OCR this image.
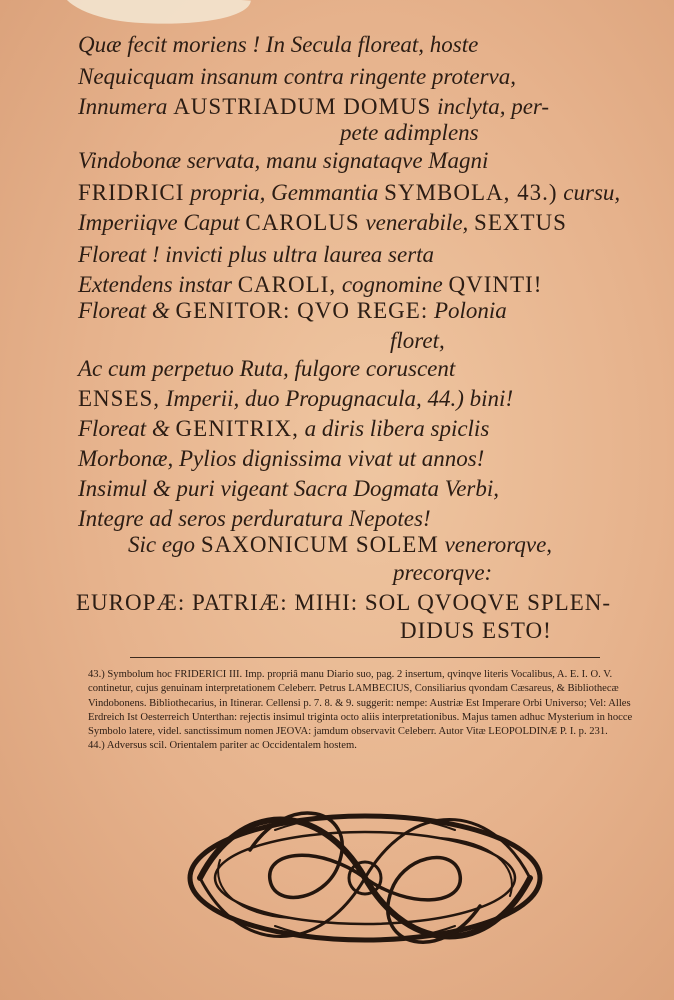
Quæ fecit moriens ! In Secula floreat, hoste
Nequicquam insanum contra ringente proterva,
Innumera AUSTRIADUM DOMUS inclyta, per-
pete adimplens
Vindobonæ servata, manu signataqve Magni
FRIDRICI propria, Gemmantia SYMBOLA, 43.) cursu,
Imperiiqve Caput CAROLUS venerabile, SEXTUS
Floreat ! invicti plus ultra laurea serta
Extendens instar CAROLI, cognomine QVINTI!
Floreat & GENITOR: QVO REGE: Polonia
floret,
Ac cum perpetuo Ruta, fulgore coruscent
ENSES, Imperii, duo Propugnacula, 44.) bini!
Floreat & GENITRIX, a diris libera spiclis
Morbonæ, Pylios dignissima vivat ut annos!
Insimul & puri vigeant Sacra Dogmata Verbi,
Integre ad seros perduratura Nepotes!
Sic ego SAXONICUM SOLEM venerorqve,
precorqve:
EUROPÆ: PATRIÆ: MIHI: SOL QVOQVE SPLEN-
DIDUS ESTO!

43.) Symbolum hoc FRIDERICI III. Imp. propriâ manu Diario suo, pag. 2 insertum, qvinqve literis Vocalibus, A. E. I. O. V. continetur, cujus genuinam interpretationem Celeberr. Petrus LAMBECIUS, Consiliarius qvondam Cæsareus, & Bibliothecæ Vindobonens. Bibliothecarius, in Itinerar. Cellensi p. 7. 8. & 9. suggerit: nempe: Austriæ Est Imperare Orbi Universo; Vel: Alles Erdreich Ist Oesterreich Unterthan: rejectis insimul triginta octo aliis interpretationibus. Majus tamen adhuc Mysterium in hocce Symbolo latere, videl. sanctissimum nomen JEOVA: jamdum observavit Celeberr. Autor Vitæ LEOPOLDINÆ P. I. p. 231.

44.) Adversus scil. Orientalem pariter ac Occidentalem hostem.
